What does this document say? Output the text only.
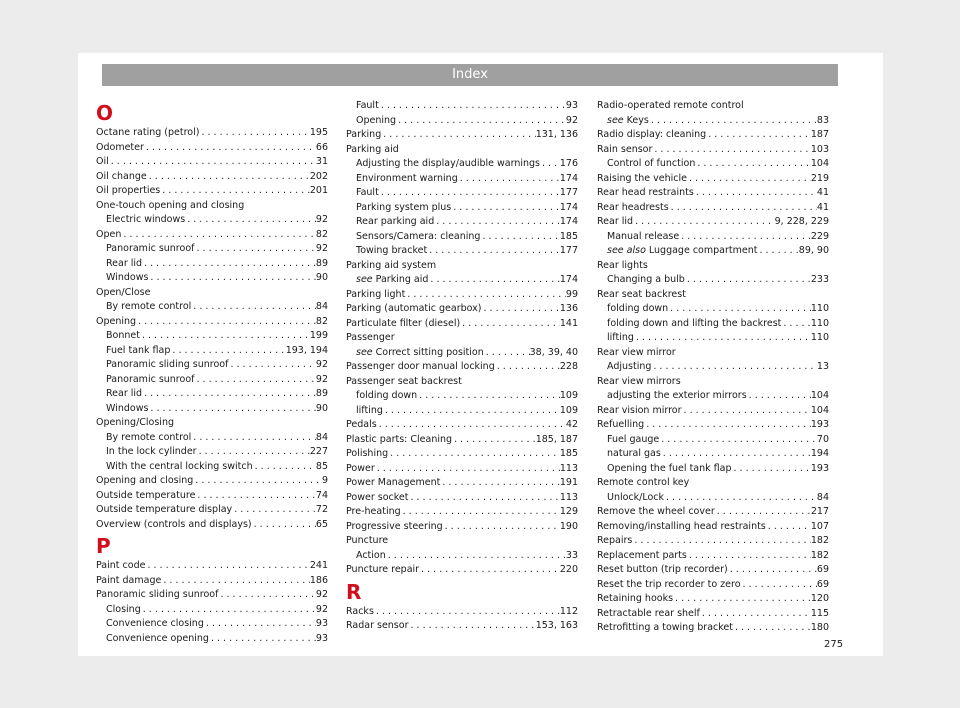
Index
O
Octane rating (petrol) . . .	195
Odometer . . .	66
Oil . . .	31
Oil change . . .	202
Oil properties . . .	201
One-touch opening and closing
Electric windows . . .	92
Open . . .	82
Panoramic sunroof . . .	92
Rear lid . . .	89
Windows . . .	90
Open/Close
By remote control . . .	84
Opening . . .	82
Bonnet . . .	199
Fuel tank flap . . .	193, 194
Panoramic sliding sunroof . . .	92
Panoramic sunroof . . .	92
Rear lid . . .	89
Windows . . .	90
Opening/Closing
By remote control . . .	84
In the lock cylinder . . .	227
With the central locking switch . . .	85
Opening and closing . . .	9
Outside temperature . . .	74
Outside temperature display . . .	72
Overview (controls and displays) . . .	65
P
Paint code . . .	241
Paint damage . . .	186
Panoramic sliding sunroof . . .	92
Closing . . .	92
Convenience closing . . .	93
Convenience opening . . .	93
Fault . . .	93
Opening . . .	92
Parking . . .	131, 136
Parking aid
Adjusting the display/audible warnings . . . 176
Environment warning . . .	174
Fault . . .	177
Parking system plus . . .	174
Rear parking aid . . .	174
Sensors/Camera: cleaning . . .	185
Towing bracket . . .	177
Parking aid system
see Parking aid . . .	174
Parking light . . .	99
Parking (automatic gearbox) . . .	136
Particulate filter (diesel) . . .	141
Passenger
see Correct sitting position . . .	38, 39, 40
Passenger door manual locking . . .	228
Passenger seat backrest
folding down . . .	109
lifting . . .	109
Pedals . . .	42
Plastic parts: Cleaning . . .	185, 187
Polishing . . .	185
Power . . .	113
Power Management . . .	191
Power socket . . .	113
Pre-heating . . .	129
Progressive steering . . .	190
Puncture
Action . . .	33
Puncture repair . . .	220
R
Racks . . .	112
Radar sensor . . .	153, 163
Radio-operated remote control
see Keys . . .	83
Radio display: cleaning . . .	187
Rain sensor . . .	103
Control of function . . .	104
Raising the vehicle . . .	219
Rear head restraints . . .	41
Rear headrests . . .	41
Rear lid . . .	9, 228, 229
Manual release . . .	229
see also Luggage compartment . . .	89, 90
Rear lights
Changing a bulb . . .	233
Rear seat backrest
folding down . . .	110
folding down and lifting the backrest . . .	110
lifting . . .	110
Rear view mirror
Adjusting . . .	13
Rear view mirrors
adjusting the exterior mirrors . . .	104
Rear vision mirror . . .	104
Refuelling . . .	193
Fuel gauge . . .	70
natural gas . . .	194
Opening the fuel tank flap . . .	193
Remote control key
Unlock/Lock . . .	84
Remove the wheel cover . . .	217
Removing/installing head restraints . . .	107
Repairs . . .	182
Replacement parts . . .	182
Reset button (trip recorder) . . .	69
Reset the trip recorder to zero . . .	69
Retaining hooks . . .	120
Retractable rear shelf . . .	115
Retrofitting a towing bracket . . .	180
275
